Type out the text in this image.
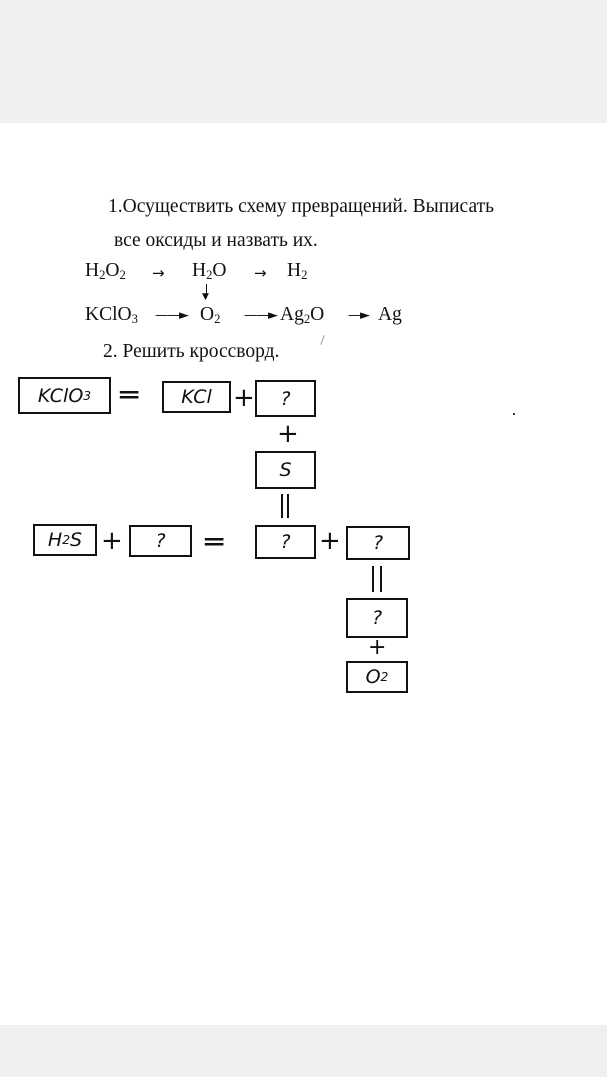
1.Осуществить схему превращений. Выписать
все оксиды и назвать их.
$H_2O_2 \to H_2O \to H_2$
▼
KClO$_3$ ——► $O_2$ ——► $Ag_2O$ —► Ag
2. Решить кроссворд.
KClO 3 ═ KCl + ?
+
S
H 2 S + ? ═	? + ?
?
+
O 2
